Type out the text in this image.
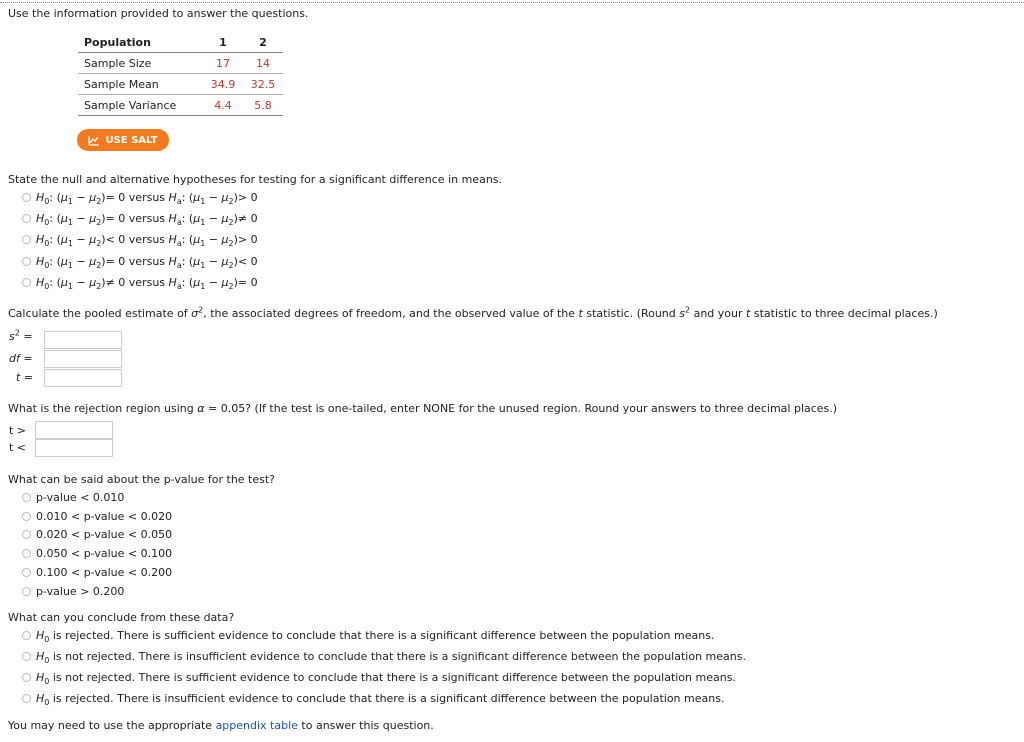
Use the information provided to answer the questions.
Population	1	2
Sample Size	17	14
Sample Mean	34.9	32.5
Sample Variance	4.4	5.8
USE SALT
State the null and alternative hypotheses for testing for a significant difference in means.
$H_0$: $(\mu_1 - \mu_2) = 0$
versus $H_a$: $(\mu_1 - \mu_2) > 0$
$H_0$: $(\mu_1 - \mu_2) = 0$
versus $H_a$: $(\mu_1 - \mu_2) \ne 0$
$H_0$: $(\mu_1 - \mu_2) < 0$
versus $H_a$: $(\mu_1 - \mu_2) > 0$
$H_0$: $(\mu_1 - \mu_2) = 0$
versus $H_a$: $(\mu_1 - \mu_2) < 0$
$H_0$: $(\mu_1 - \mu_2) \ne 0$
versus $H_a$: $(\mu_1 - \mu_2) = 0$
Calculate the pooled estimate of $\sigma^2$, the associated degrees of freedom, and the observed value of the t statistic. (Round $s^2$ and your t statistic to three decimal places.)
$s^2$ =
df =
t =
What is the rejection region using α = 0.05? (If the test is one-tailed, enter NONE for the unused region. Round your answers to three decimal places.)
t >
t <
What can be said about the p-value for the test?
p-value < 0.010
0.010 < p-value < 0.020
0.020 < p-value < 0.050
0.050 < p-value < 0.100
0.100 < p-value < 0.200
p-value > 0.200
What can you conclude from these data?
$H_0$ is rejected. There is sufficient evidence to conclude that there is a significant difference between the population means.
$H_0$ is not rejected. There is insufficient evidence to conclude that there is a significant difference between the population means.
$H_0$ is not rejected. There is sufficient evidence to conclude that there is a significant difference between the population means.
$H_0$ is rejected. There is insufficient evidence to conclude that there is a significant difference between the population means.
You may need to use the appropriate appendix table to answer this question.
